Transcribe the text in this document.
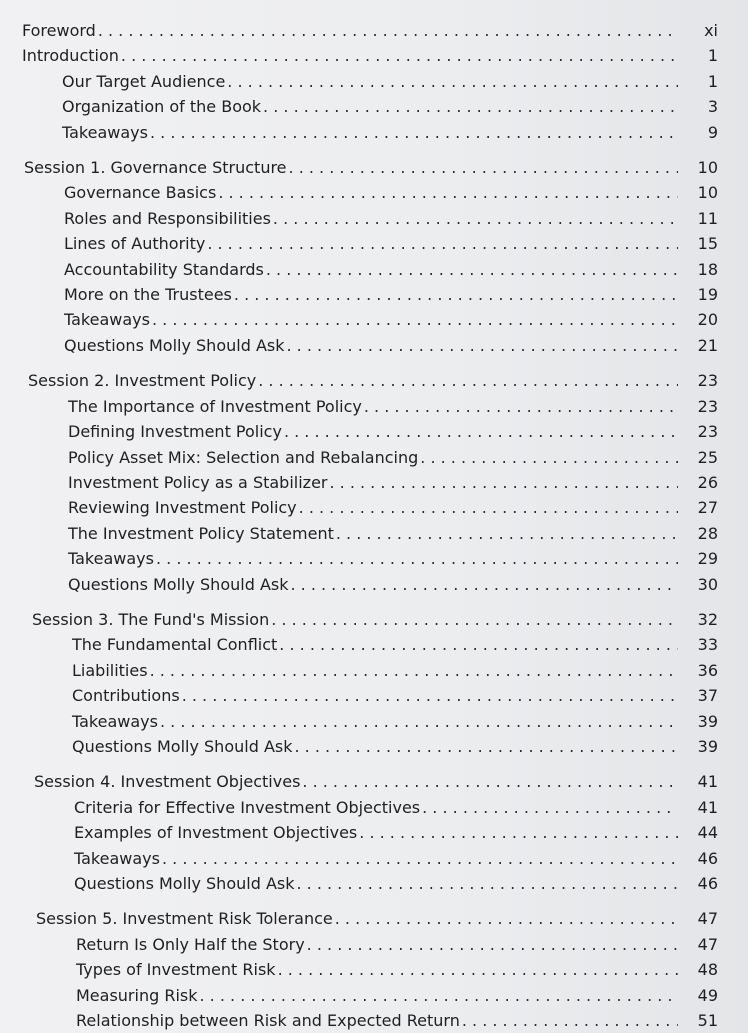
Foreword . . .	xi
Introduction . . .	1
Our Target Audience . . .	1
Organization of the Book . . .	3
Takeaways . . .	9
Session 1. Governance Structure . . .	10
Governance Basics . . .	10
Roles and Responsibilities . . .	11
Lines of Authority . . .	15
Accountability Standards . . .	18
More on the Trustees . . .	19
Takeaways . . .	20
Questions Molly Should Ask . . .	21
Session 2. Investment Policy . . .	23
The Importance of Investment Policy . . .	23
Defining Investment Policy . . .	23
Policy Asset Mix: Selection and Rebalancing . . .	25
Investment Policy as a Stabilizer . . .	26
Reviewing Investment Policy . . .	27
The Investment Policy Statement . . .	28
Takeaways . . .	29
Questions Molly Should Ask . . .	30
Session 3. The Fund's Mission . . .	32
The Fundamental Conflict . . .	33
Liabilities . . .	36
Contributions . . .	37
Takeaways . . .	39
Questions Molly Should Ask . . .	39
Session 4. Investment Objectives . . .	41
Criteria for Effective Investment Objectives . . .	41
Examples of Investment Objectives . . .	44
Takeaways . . .	46
Questions Molly Should Ask . . .	46
Session 5. Investment Risk Tolerance . . .	47
Return Is Only Half the Story . . .	47
Types of Investment Risk . . .	48
Measuring Risk . . .	49
Relationship between Risk and Expected Return . . .	51
